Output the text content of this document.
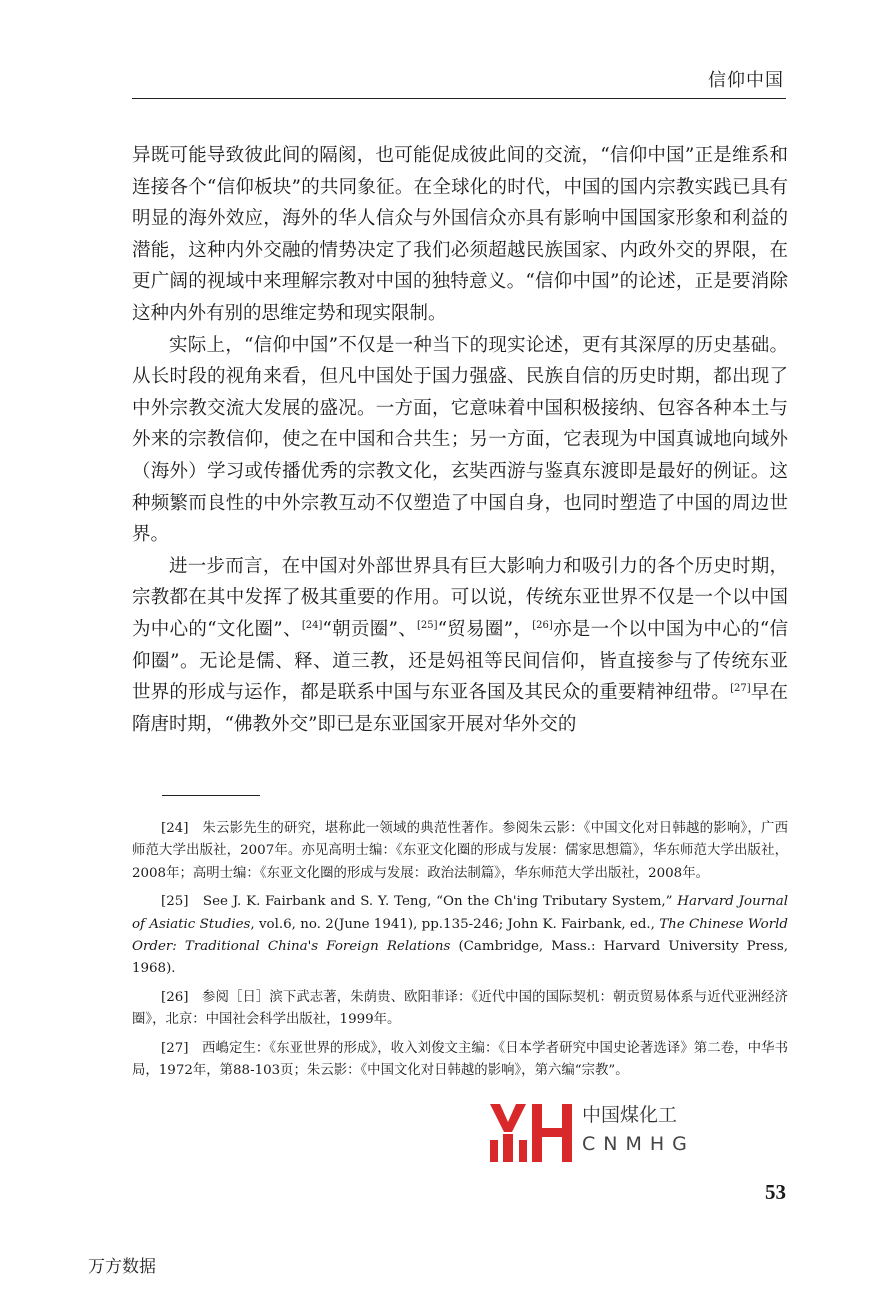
信仰中国

异既可能导致彼此间的隔阂，也可能促成彼此间的交流，“信仰中国”正是维系和连接各个“信仰板块”的共同象征。在全球化的时代，中国的国内宗教实践已具有明显的海外效应，海外的华人信众与外国信众亦具有影响中国国家形象和利益的潜能，这种内外交融的情势决定了我们必须超越民族国家、内政外交的界限，在更广阔的视域中来理解宗教对中国的独特意义。“信仰中国”的论述，正是要消除这种内外有别的思维定势和现实限制。

实际上，“信仰中国”不仅是一种当下的现实论述，更有其深厚的历史基础。从长时段的视角来看，但凡中国处于国力强盛、民族自信的历史时期，都出现了中外宗教交流大发展的盛况。一方面，它意味着中国积极接纳、包容各种本土与外来的宗教信仰，使之在中国和合共生；另一方面，它表现为中国真诚地向域外（海外）学习或传播优秀的宗教文化，玄奘西游与鉴真东渡即是最好的例证。这种频繁而良性的中外宗教互动不仅塑造了中国自身，也同时塑造了中国的周边世界。

进一步而言，在中国对外部世界具有巨大影响力和吸引力的各个历史时期，宗教都在其中发挥了极其重要的作用。可以说，传统东亚世界不仅是一个以中国为中心的“文化圈”、[24]“朝贡圈”、[25]“贸易圈”，[26]亦是一个以中国为中心的“信仰圈”。无论是儒、释、道三教，还是妈祖等民间信仰，皆直接参与了传统东亚世界的形成与运作，都是联系中国与东亚各国及其民众的重要精神纽带。[27]早在隋唐时期，“佛教外交”即已是东亚国家开展对华外交的

[24]　朱云影先生的研究，堪称此一领域的典范性著作。参阅朱云影：《中国文化对日韩越的影响》，广西师范大学出版社，2007年。亦见高明士编：《东亚文化圈的形成与发展：儒家思想篇》，华东师范大学出版社，2008年；高明士编：《东亚文化圈的形成与发展：政治法制篇》，华东师范大学出版社，2008年。

[25]　See J. K. Fairbank and S. Y. Teng, “On the Ch'ing Tributary System,” Harvard Journal of Asiatic Studies, vol.6, no. 2(June 1941), pp.135-246; John K. Fairbank, ed., The Chinese World Order: Traditional China's Foreign Relations (Cambridge, Mass.: Harvard University Press, 1968).

[26]　参阅［日］滨下武志著，朱荫贵、欧阳菲译：《近代中国的国际契机：朝贡贸易体系与近代亚洲经济圈》，北京：中国社会科学出版社，1999年。

[27]　西嶋定生：《东亚世界的形成》，收入刘俊文主编：《日本学者研究中国史论著选译》第二卷，中华书局，1972年，第88-103页；朱云影：《中国文化对日韩越的影响》，第六编“宗教”。

中国煤化工
CNMHG
53
万方数据
